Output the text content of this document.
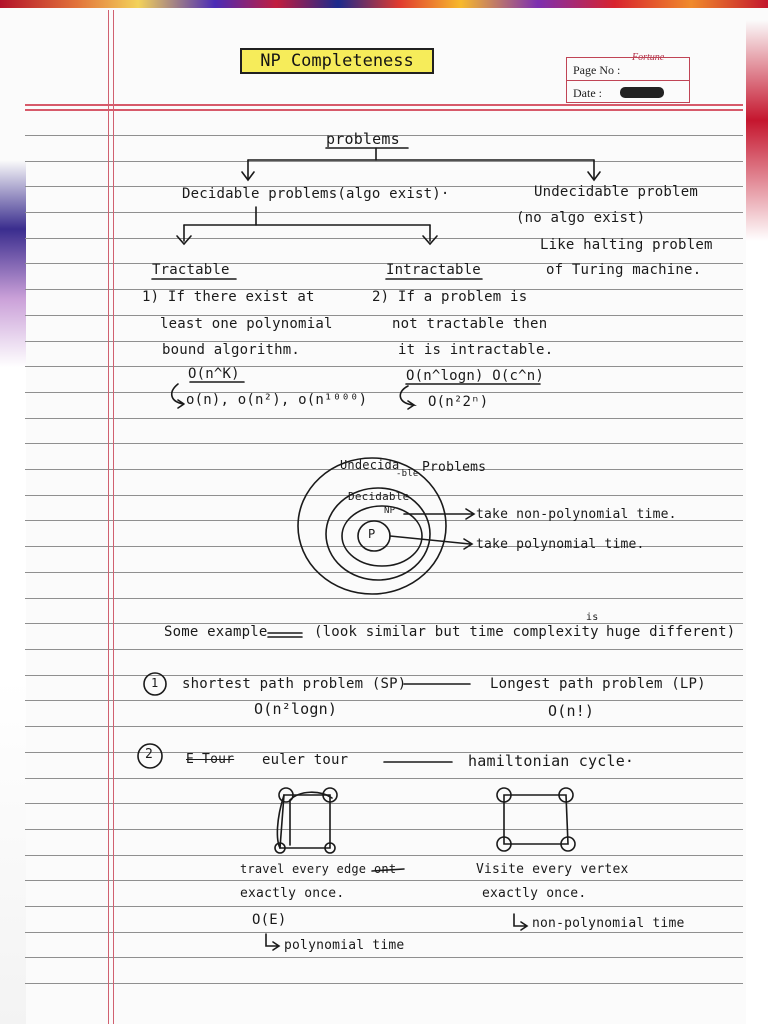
NP Completeness	Fortune
Page No :
Date :
problems
Decidable problems(algo exist)·	Undecidable problem
(no algo exist)
Like halting problem
of Turing machine.
Tractable	Intractable
1) If there exist at
least one polynomial
bound algorithm.
2) If a problem is
not tractable then
it is intractable.
O(n^K)
o(n), o(n²), o(n¹⁰⁰⁰)
O(n^logn) O(c^n)
O(n²2ⁿ)
Undecida
-ble.
Problems
Decidable
NP
P
take non-polynomial time.
take polynomial time.
Some example	(look similar but time complexity
is
huge different)
1 shortest path problem (SP)	Longest path problem (LP)
O(n²logn)	O(n!)
2	E Tour euler tour	hamiltonian cycle·
travel every edge ont
exactly once.
O(E)
polynomial time
Visite every vertex
exactly once.
non-polynomial time
